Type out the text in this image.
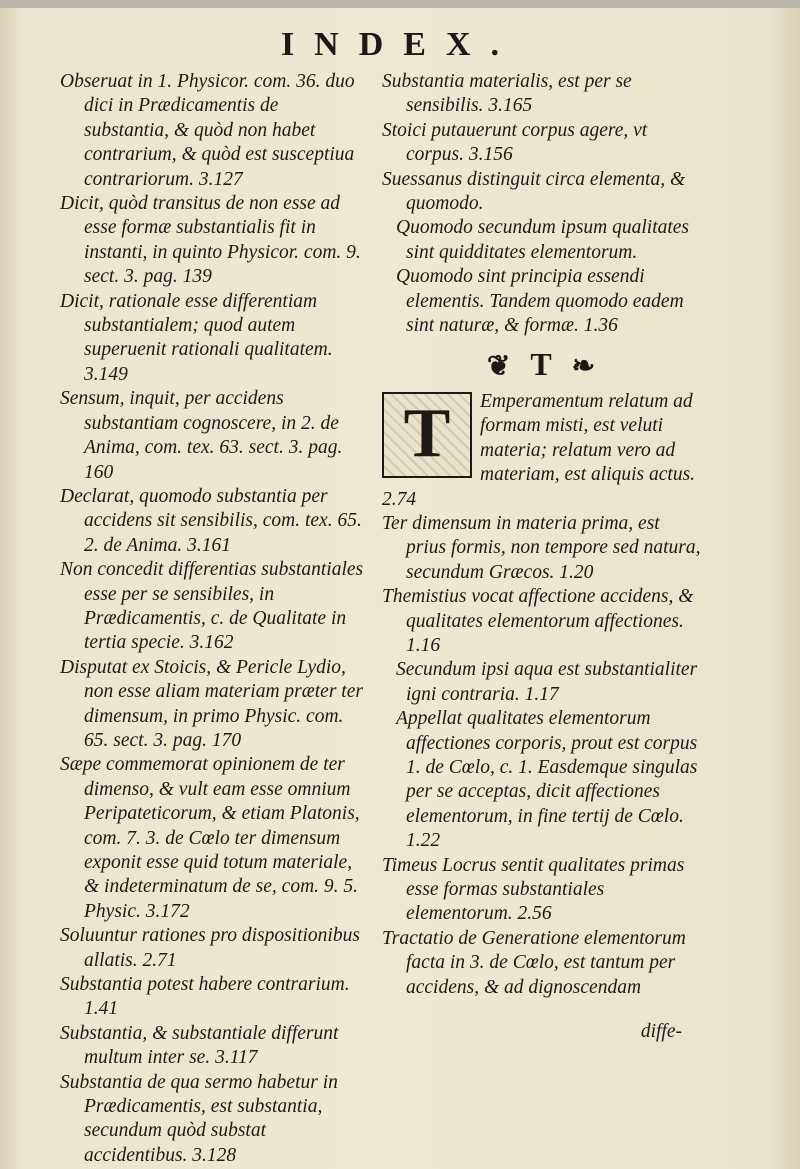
INDEX.

Obseruat in 1. Physicor. com. 36. duo dici in Prædicamentis de substantia, & quòd non habet contrarium, & quòd est susceptiua contrariorum. 3.127

Dicit, quòd transitus de non esse ad esse formæ substantialis fit in instanti, in quinto Physicor. com. 9. sect. 3. pag. 139

Dicit, rationale esse differentiam substantialem; quod autem superuenit rationali qualitatem. 3.149

Sensum, inquit, per accidens substantiam cognoscere, in 2. de Anima, com. tex. 63. sect. 3. pag. 160

Declarat, quomodo substantia per accidens sit sensibilis, com. tex. 65. 2. de Anima. 3.161

Non concedit differentias substantiales esse per se sensibiles, in Prædicamentis, c. de Qualitate in tertia specie. 3.162

Disputat ex Stoicis, & Pericle Lydio, non esse aliam materiam præter ter dimensum, in primo Physic. com. 65. sect. 3. pag. 170

Sæpe commemorat opinionem de ter dimenso, & vult eam esse omnium Peripateticorum, & etiam Platonis, com. 7. 3. de Cœlo ter dimensum exponit esse quid totum materiale, & indeterminatum de se, com. 9. 5. Physic. 3.172

Soluuntur rationes pro dispositionibus allatis. 2.71

Substantia potest habere contrarium. 1.41

Substantia, & substantiale differunt multum inter se. 3.117

Substantia de qua sermo habetur in Prædicamentis, est substantia, secundum quòd substat accidentibus. 3.128

Substantia materialis, est per se sensibilis. 3.165

Stoici putauerunt corpus agere, vt corpus. 3.156

Suessanus distinguit circa elementa, & quomodo.

Quomodo secundum ipsum qualitates sint quidditates elementorum.

Quomodo sint principia essendi elementis. Tandem quomodo eadem sint naturæ, & formæ. 1.36

❦ T ❧
T	Emperamentum relatum ad formam misti, est veluti materia; relatum vero ad materiam, est aliquis actus. 2.74

Ter dimensum in materia prima, est prius formis, non tempore sed natura, secundum Græcos. 1.20

Themistius vocat affectione accidens, & qualitates elementorum affectiones. 1.16

Secundum ipsi aqua est substantialiter igni contraria. 1.17

Appellat qualitates elementorum affectiones corporis, prout est corpus 1. de Cœlo, c. 1. Easdemque singulas per se acceptas, dicit affectiones elementorum, in fine tertij de Cœlo. 1.22

Timeus Locrus sentit qualitates primas esse formas substantiales elementorum. 2.56

Tractatio de Generatione elementorum facta in 3. de Cœlo, est tantum per accidens, & ad dignoscendam

diffe-
